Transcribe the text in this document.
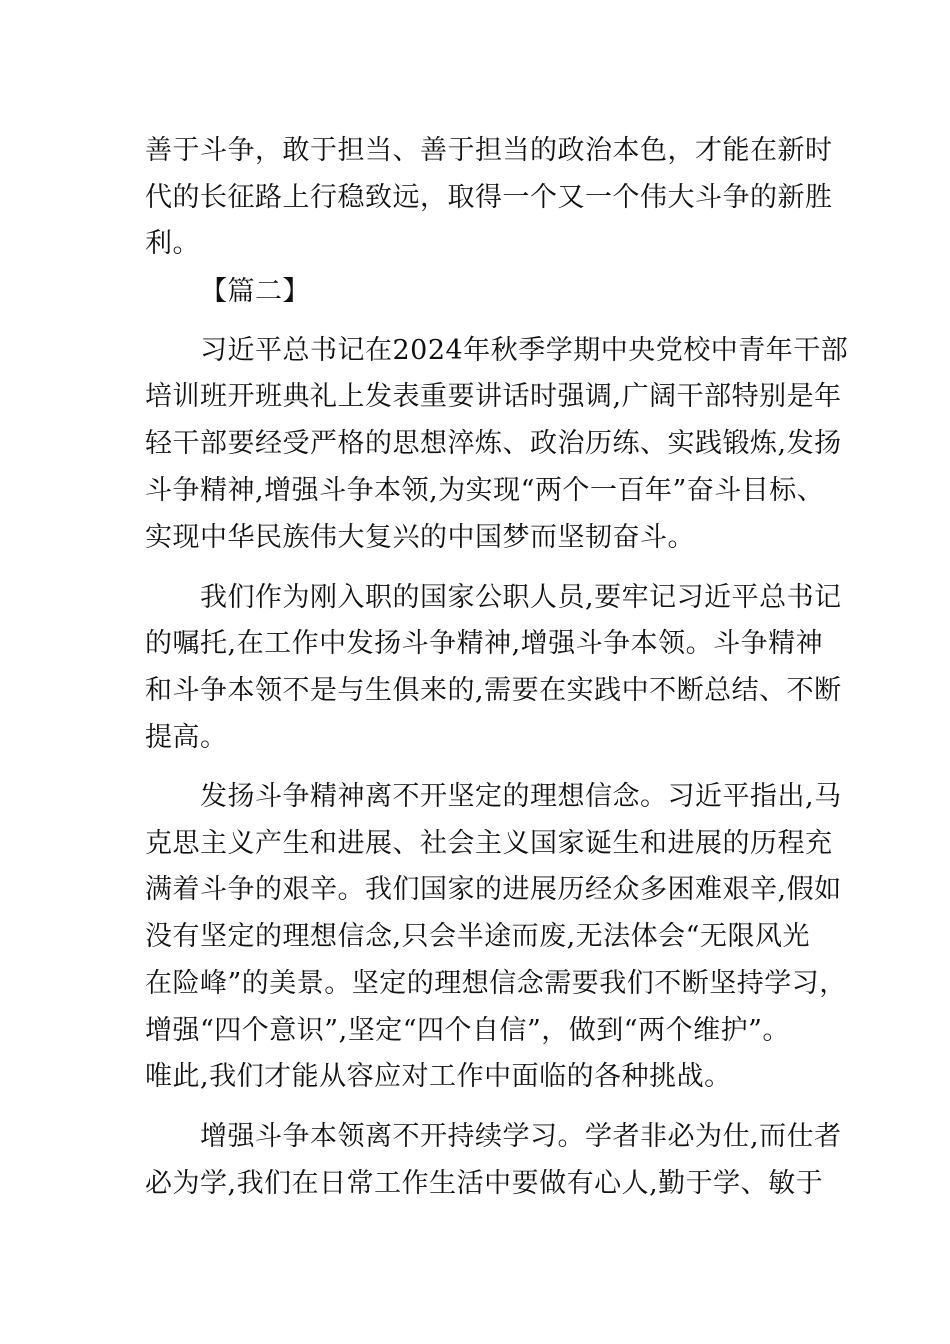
善于斗争，敢于担当、善于担当的政治本色，才能在新时
代的长征路上行稳致远，取得一个又一个伟大斗争的新胜
利。
【篇二】
习近平总书记在2024年秋季学期中央党校中青年干部
培训班开班典礼上发表重要讲话时强调,广阔干部特别是年
轻干部要经受严格的思想淬炼、政治历练、实践锻炼,发扬
斗争精神,增强斗争本领,为实现“两个一百年”奋斗目标、
实现中华民族伟大复兴的中国梦而坚韧奋斗。
我们作为刚入职的国家公职人员,要牢记习近平总书记
的嘱托,在工作中发扬斗争精神,增强斗争本领。斗争精神
和斗争本领不是与生俱来的,需要在实践中不断总结、不断
提高。
发扬斗争精神离不开坚定的理想信念。习近平指出,马
克思主义产生和进展、社会主义国家诞生和进展的历程充
满着斗争的艰辛。我们国家的进展历经众多困难艰辛,假如
没有坚定的理想信念,只会半途而废,无法体会“无限风光
在险峰”的美景。坚定的理想信念需要我们不断坚持学习，
增强“四个意识”,坚定“四个自信”，做到“两个维护”。
唯此,我们才能从容应对工作中面临的各种挑战。
增强斗争本领离不开持续学习。学者非必为仕,而仕者
必为学,我们在日常工作生活中要做有心人,勤于学、敏于
